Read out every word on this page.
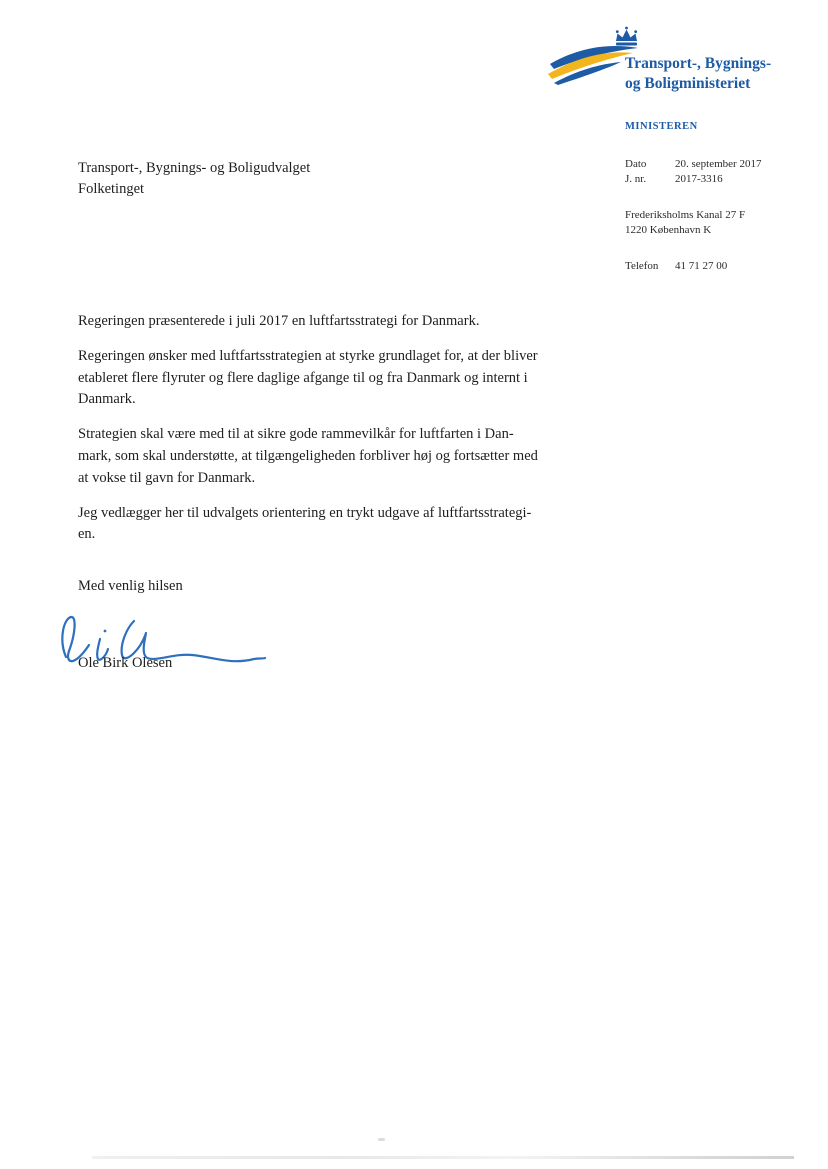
Transport-, Bygnings-
og Boligministeriet
MINISTEREN
Dato	20. september 2017
J. nr.	2017-3316
Frederiksholms Kanal 27 F
1220 København K
Telefon	41 71 27 00
Transport-, Bygnings- og Boligudvalget
Folketinget
Regeringen præsenterede i juli 2017 en luftfartsstrategi for Danmark.
Regeringen ønsker med luftfartsstrategien at styrke grundlaget for, at der bliver
etableret flere flyruter og flere daglige afgange til og fra Danmark og internt i
Danmark.
Strategien skal være med til at sikre gode rammevilkår for luftfarten i Dan-
mark, som skal understøtte, at tilgængeligheden forbliver høj og fortsætter med
at vokse til gavn for Danmark.
Jeg vedlægger her til udvalgets orientering en trykt udgave af luftfartsstrategi-
en.
Med venlig hilsen
Ole Birk Olesen
